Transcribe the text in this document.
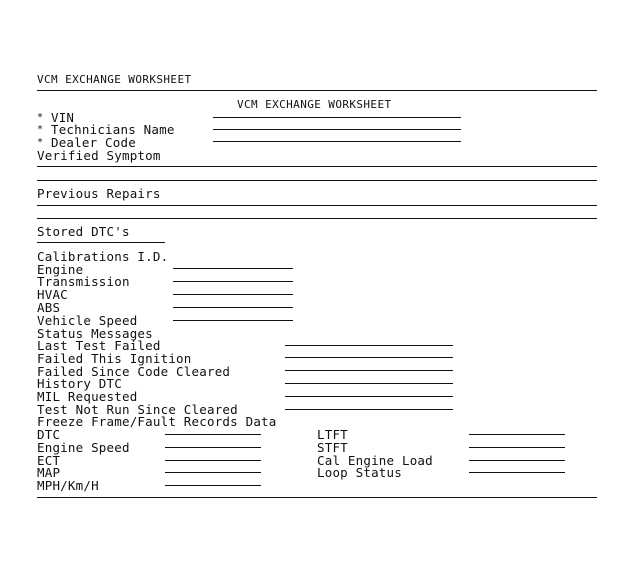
VCM EXCHANGE WORKSHEET
VCM EXCHANGE WORKSHEET
* VIN
* Technicians Name
* Dealer Code
Verified Symptom
Previous Repairs
Stored DTC's
Calibrations I.D.
Engine
Transmission
HVAC
ABS
Vehicle Speed
Status Messages
Last Test Failed
Failed This Ignition
Failed Since Code Cleared
History DTC
MIL Requested
Test Not Run Since Cleared
Freeze Frame/Fault Records Data
DTC
Engine Speed
ECT
MAP
MPH/Km/H
LTFT
STFT
Cal Engine Load
Loop Status
